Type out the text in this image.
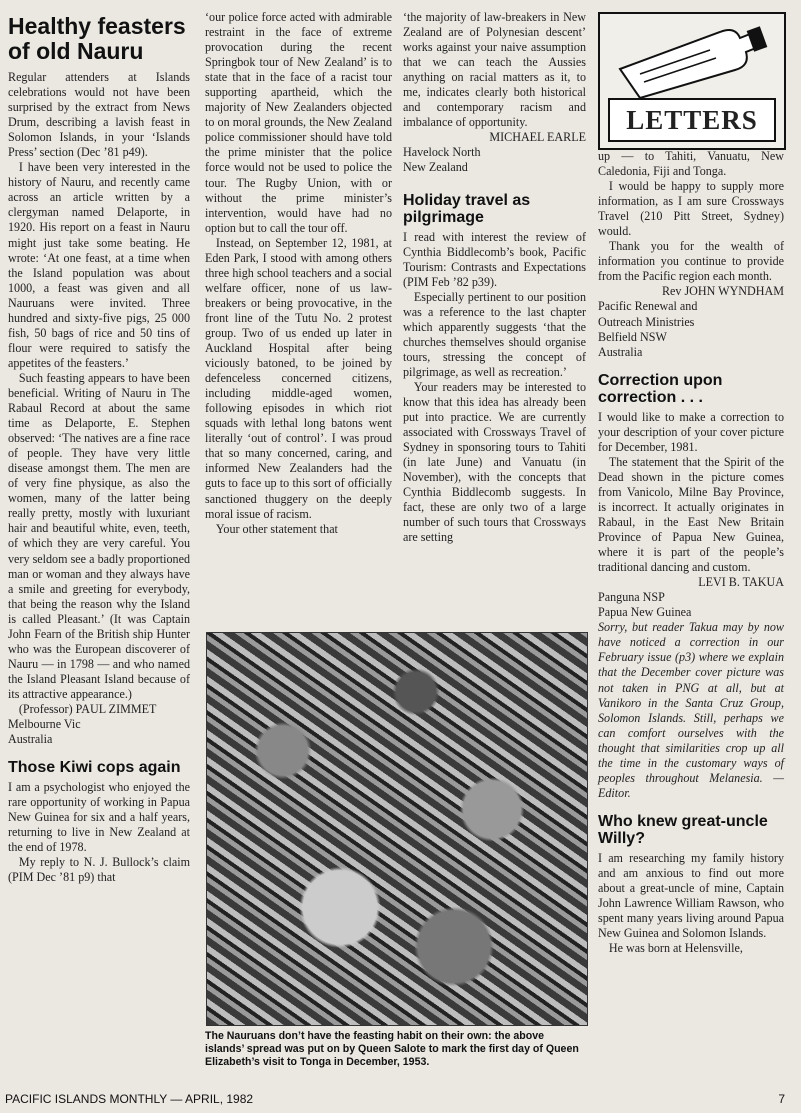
Healthy feasters of old Nauru

Regular attenders at Islands celebrations would not have been surprised by the extract from News Drum, describing a lavish feast in Solomon Islands, in your ‘Islands Press’ section (Dec ’81 p49).

I have been very interested in the history of Nauru, and recently came across an article written by a clergyman named Delaporte, in 1920. His report on a feast in Nauru might just take some beating. He wrote: ‘At one feast, at a time when the Island population was about 1000, a feast was given and all Nauruans were invited. Three hundred and sixty-five pigs, 25 000 fish, 50 bags of rice and 50 tins of flour were required to satisfy the appetites of the feasters.’

Such feasting appears to have been beneficial. Writing of Nauru in The Rabaul Record at about the same time as Delaporte, E. Stephen observed: ‘The natives are a fine race of people. They have very little disease amongst them. The men are of very fine physique, as also the women, many of the latter being really pretty, mostly with luxuriant hair and beautiful white, even, teeth, of which they are very careful. You very seldom see a badly proportioned man or woman and they always have a smile and greeting for everybody, that being the reason why the Island is called Pleasant.’ (It was Captain John Fearn of the British ship Hunter who was the European discoverer of Nauru — in 1798 — and who named the Island Pleasant Island because of its attractive appearance.)

(Professor) PAUL ZIMMET

Melbourne Vic
Australia
Those Kiwi cops again

I am a psychologist who enjoyed the rare opportunity of working in Papua New Guinea for six and a half years, returning to live in New Zealand at the end of 1978.

My reply to N. J. Bullock’s claim (PIM Dec ’81 p9) that

‘our police force acted with admirable restraint in the face of extreme provocation during the recent Springbok tour of New Zealand’ is to state that in the face of a racist tour supporting apartheid, which the majority of New Zealanders objected to on moral grounds, the New Zealand police commissioner should have told the prime minister that the police force would not be used to police the tour. The Rugby Union, with or without the prime minister’s intervention, would have had no option but to call the tour off.

Instead, on September 12, 1981, at Eden Park, I stood with among others three high school teachers and a social welfare officer, none of us law-breakers or being provocative, in the front line of the Tutu No. 2 protest group. Two of us ended up later in Auckland Hospital after being viciously batoned, to be joined by defenceless concerned citizens, including middle-aged women, following episodes in which riot squads with lethal long batons went literally ‘out of control’. I was proud that so many concerned, caring, and informed New Zealanders had the guts to face up to this sort of officially sanctioned thuggery on the deeply moral issue of racism.

Your other statement that

‘the majority of law-breakers in New Zealand are of Polynesian descent’ works against your naive assumption that we can teach the Aussies anything on racial matters as it, to me, indicates clearly both historical and contemporary racism and imbalance of opportunity.

MICHAEL EARLE

Havelock North
New Zealand
Holiday travel as pilgrimage

I read with interest the review of Cynthia Biddlecomb’s book, Pacific Tourism: Contrasts and Expectations (PIM Feb ’82 p39).

Especially pertinent to our position was a reference to the last chapter which apparently suggests ‘that the churches themselves should organise tours, stressing the concept of pilgrimage, as well as recreation.’

Your readers may be interested to know that this idea has already been put into practice. We are currently associated with Crossways Travel of Sydney in sponsoring tours to Tahiti (in late June) and Vanuatu (in November), with the concepts that Cynthia Biddlecomb suggests. In fact, these are only two of a large number of such tours that Crossways are setting

LETTERS

up — to Tahiti, Vanuatu, New Caledonia, Fiji and Tonga.

I would be happy to supply more information, as I am sure Crossways Travel (210 Pitt Street, Sydney) would.

Thank you for the wealth of information you continue to provide from the Pacific region each month.

Rev JOHN WYNDHAM

Pacific Renewal and
Outreach Ministries
Belfield NSW
Australia
Correction upon correction . . .

I would like to make a correction to your description of your cover picture for December, 1981.

The statement that the Spirit of the Dead shown in the picture comes from Vanicolo, Milne Bay Province, is incorrect. It actually originates in Rabaul, in the East New Britain Province of Papua New Guinea, where it is part of the people’s traditional dancing and custom.

LEVI B. TAKUA

Panguna NSP
Papua New Guinea

Sorry, but reader Takua may by now have noticed a correction in our February issue (p3) where we explain that the December cover picture was not taken in PNG at all, but at Vanikoro in the Santa Cruz Group, Solomon Islands. Still, perhaps we can comfort ourselves with the thought that similarities crop up all the time in the customary ways of peoples throughout Melanesia. — Editor.

Who knew great-uncle Willy?

I am researching my family history and am anxious to find out more about a great-uncle of mine, Captain John Lawrence William Rawson, who spent many years living around Papua New Guinea and Solomon Islands.

He was born at Helensville,

The Nauruans don’t have the feasting habit on their own: the above islands’ spread was put on by Queen Salote to mark the first day of Queen Elizabeth’s visit to Tonga in December, 1953.
PACIFIC ISLANDS MONTHLY — APRIL, 1982	7
